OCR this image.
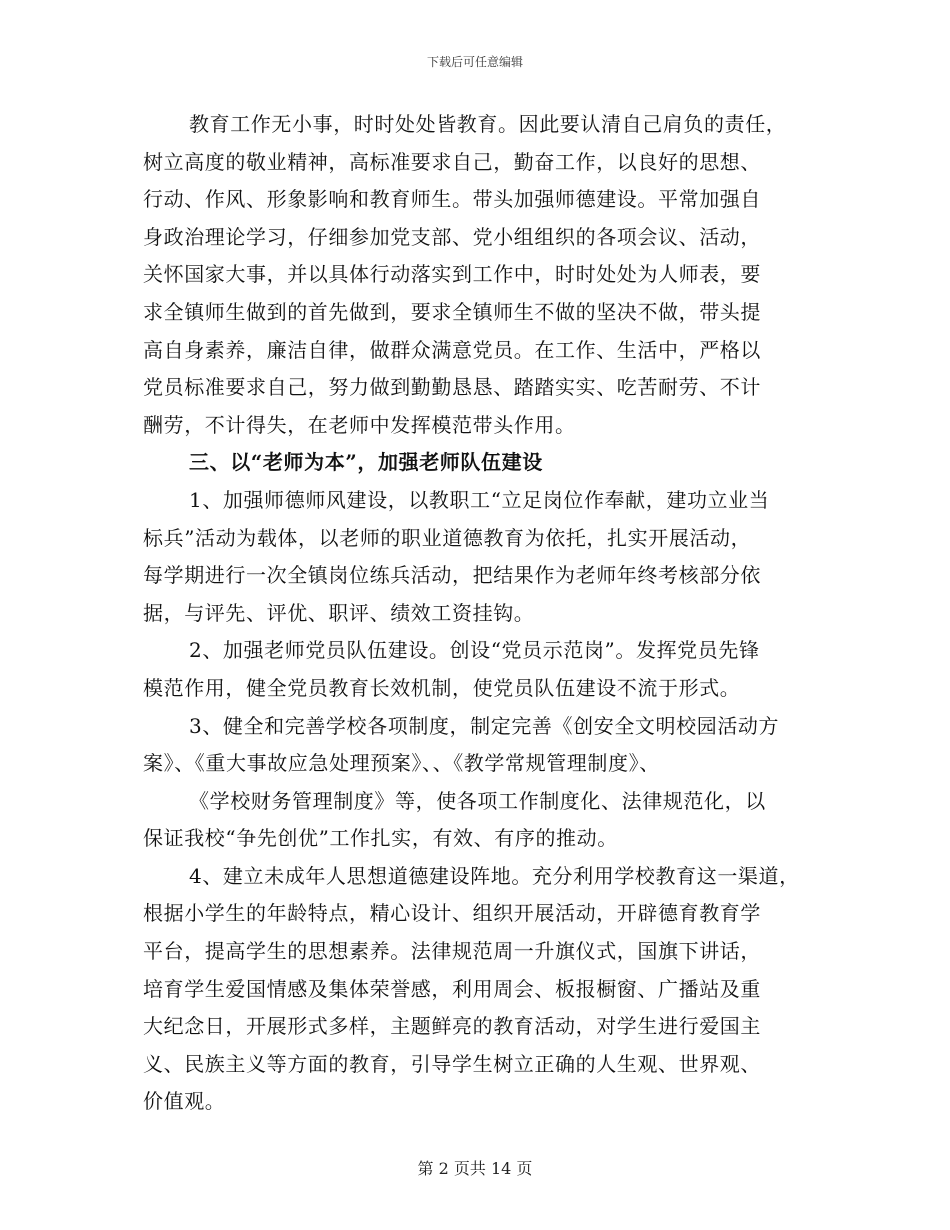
下载后可任意编辑
教育工作无小事，时时处处皆教育。因此要认清自己肩负的责任，
树立高度的敬业精神，高标准要求自己，勤奋工作，以良好的思想、
行动、作风、形象影响和教育师生。带头加强师德建设。平常加强自
身政治理论学习，仔细参加党支部、党小组组织的各项会议、活动，
关怀国家大事，并以具体行动落实到工作中，时时处处为人师表，要
求全镇师生做到的首先做到，要求全镇师生不做的坚决不做，带头提
高自身素养，廉洁自律，做群众满意党员。在工作、生活中，严格以
党员标准要求自己，努力做到勤勤恳恳、踏踏实实、吃苦耐劳、不计
酬劳，不计得失，在老师中发挥模范带头作用。
三、以“老师为本”，加强老师队伍建设
1、加强师德师风建设，以教职工“立足岗位作奉献，建功立业当
标兵”活动为载体，以老师的职业道德教育为依托，扎实开展活动，
每学期进行一次全镇岗位练兵活动，把结果作为老师年终考核部分依
据，与评先、评优、职评、绩效工资挂钩。
2、加强老师党员队伍建设。创设“党员示范岗”。发挥党员先锋
模范作用，健全党员教育长效机制，使党员队伍建设不流于形式。
3、健全和完善学校各项制度，制定完善《创安全文明校园活动方
案》、《重大事故应急处理预案》、、《教学常规管理制度》、
《学校财务管理制度》等，使各项工作制度化、法律规范化，以
保证我校“争先创优”工作扎实，有效、有序的推动。
4、建立未成年人思想道德建设阵地。充分利用学校教育这一渠道，
根据小学生的年龄特点，精心设计、组织开展活动，开辟德育教育学
平台，提高学生的思想素养。法律规范周一升旗仪式，国旗下讲话，
培育学生爱国情感及集体荣誉感，利用周会、板报橱窗、广播站及重
大纪念日，开展形式多样，主题鲜亮的教育活动，对学生进行爱国主
义、民族主义等方面的教育，引导学生树立正确的人生观、世界观、
价值观。
第 2 页共 14 页
